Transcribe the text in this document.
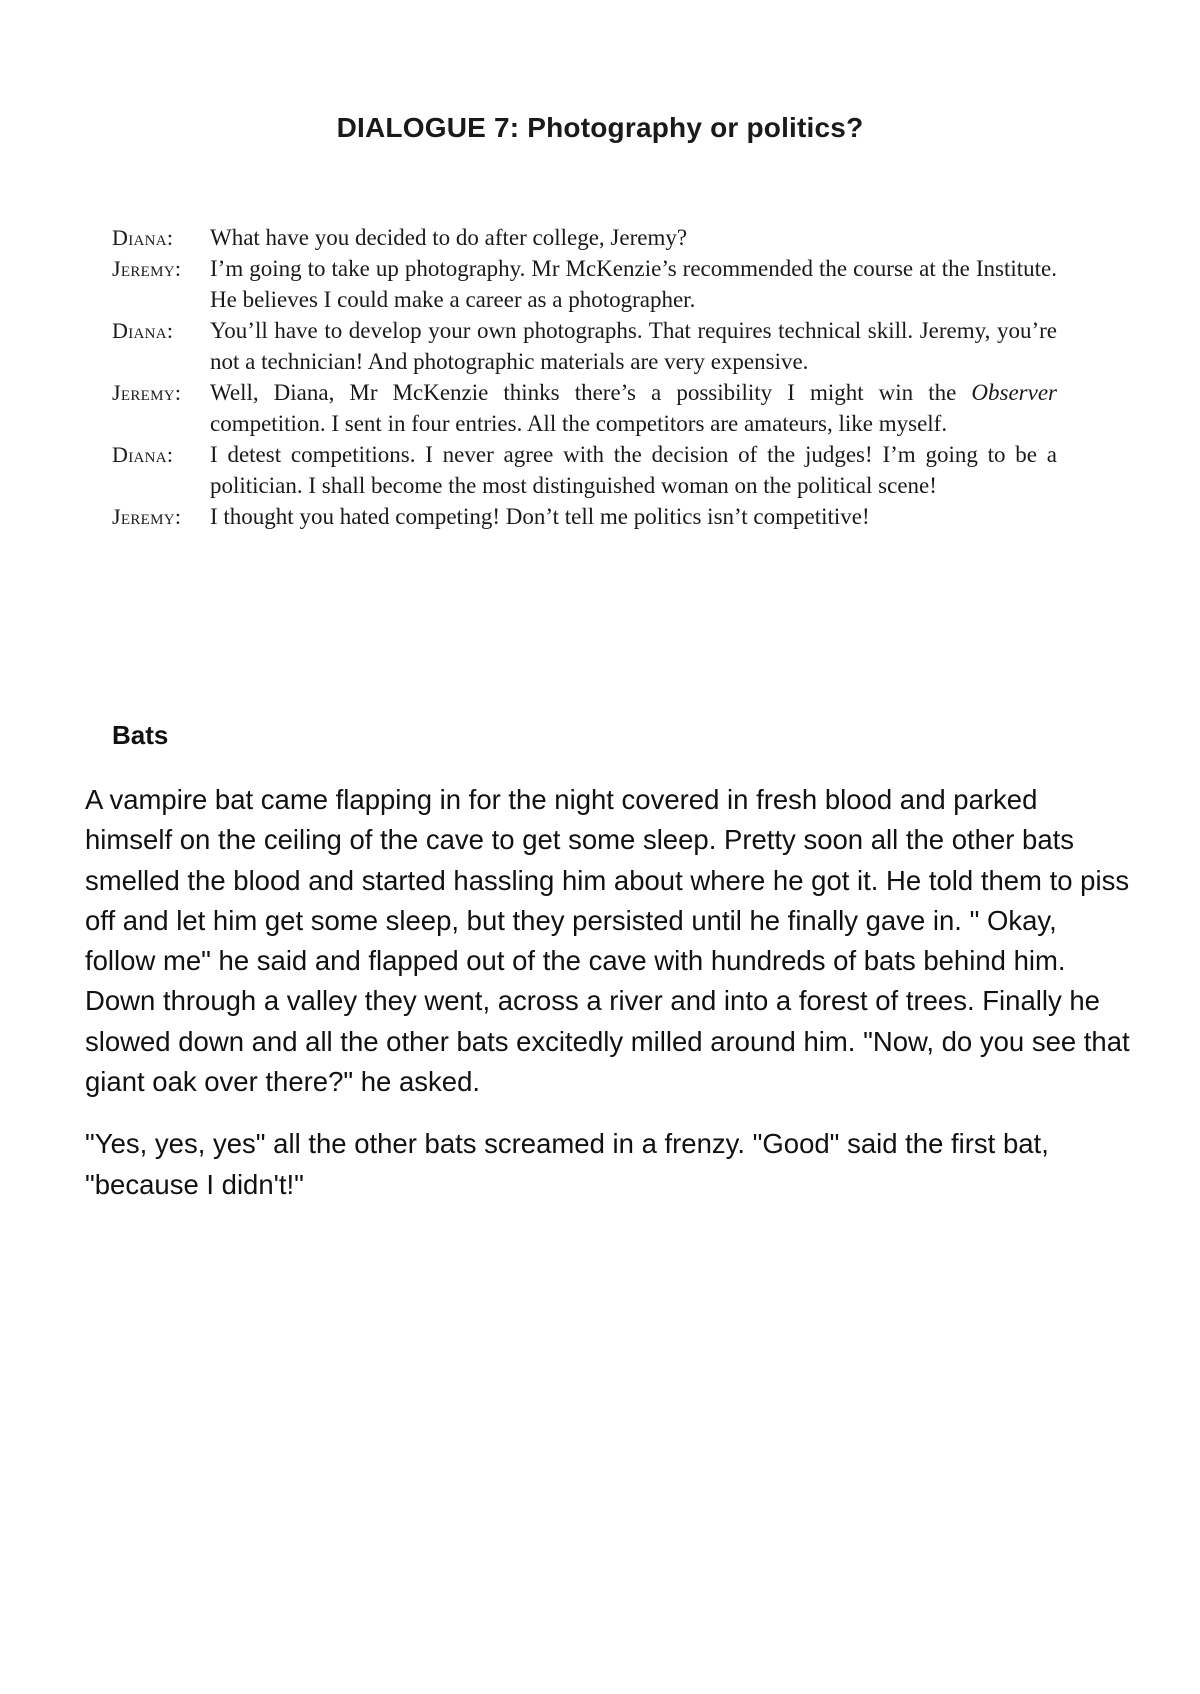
DIALOGUE 7: Photography or politics?
Diana:	What have you decided to do after college, Jeremy?
Jeremy:	I’m going to take up photography. Mr McKenzie’s recommended the course at the Institute. He believes I could make a career as a photographer.
Diana:	You’ll have to develop your own photographs. That requires technical skill. Jeremy, you’re not a technician! And photographic materials are very expensive.
Jeremy:	Well, Diana, Mr McKenzie thinks there’s a possibility I might win the Observer competition. I sent in four entries. All the competitors are amateurs, like myself.
Diana:	I detest competitions. I never agree with the decision of the judges! I’m going to be a politician. I shall become the most distinguished woman on the political scene!
Jeremy:	I thought you hated competing! Don’t tell me politics isn’t competitive!
Bats

A vampire bat came flapping in for the night covered in fresh blood and parked himself on the ceiling of the cave to get some sleep. Pretty soon all the other bats smelled the blood and started hassling him about where he got it. He told them to piss off and let him get some sleep, but they persisted until he finally gave in. " Okay, follow me" he said and flapped out of the cave with hundreds of bats behind him. Down through a valley they went, across a river and into a forest of trees. Finally he slowed down and all the other bats excitedly milled around him. "Now, do you see that giant oak over there?" he asked.

"Yes, yes, yes" all the other bats screamed in a frenzy. "Good" said the first bat, "because I didn't!"
